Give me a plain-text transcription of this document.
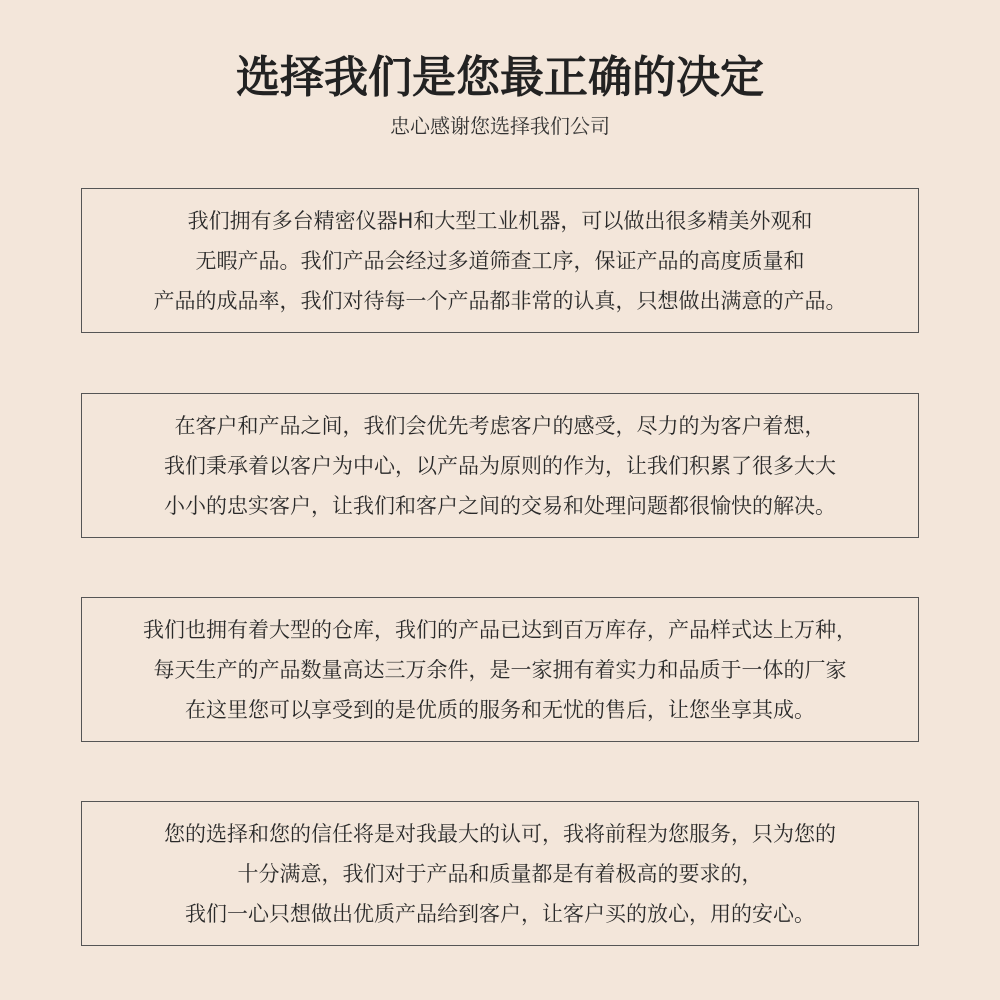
选择我们是您最正确的决定
忠心感谢您选择我们公司
我们拥有多台精密仪器H和大型工业机器，可以做出很多精美外观和
无暇产品。我们产品会经过多道筛查工序，保证产品的高度质量和
产品的成品率，我们对待每一个产品都非常的认真，只想做出满意的产品。
在客户和产品之间，我们会优先考虑客户的感受，尽力的为客户着想，
我们秉承着以客户为中心，以产品为原则的作为，让我们积累了很多大大
小小的忠实客户，让我们和客户之间的交易和处理问题都很愉快的解决。
我们也拥有着大型的仓库，我们的产品已达到百万库存，产品样式达上万种，
每天生产的产品数量高达三万余件，是一家拥有着实力和品质于一体的厂家
在这里您可以享受到的是优质的服务和无忧的售后，让您坐享其成。
您的选择和您的信任将是对我最大的认可，我将前程为您服务，只为您的
十分满意，我们对于产品和质量都是有着极高的要求的，
我们一心只想做出优质产品给到客户，让客户买的放心，用的安心。
